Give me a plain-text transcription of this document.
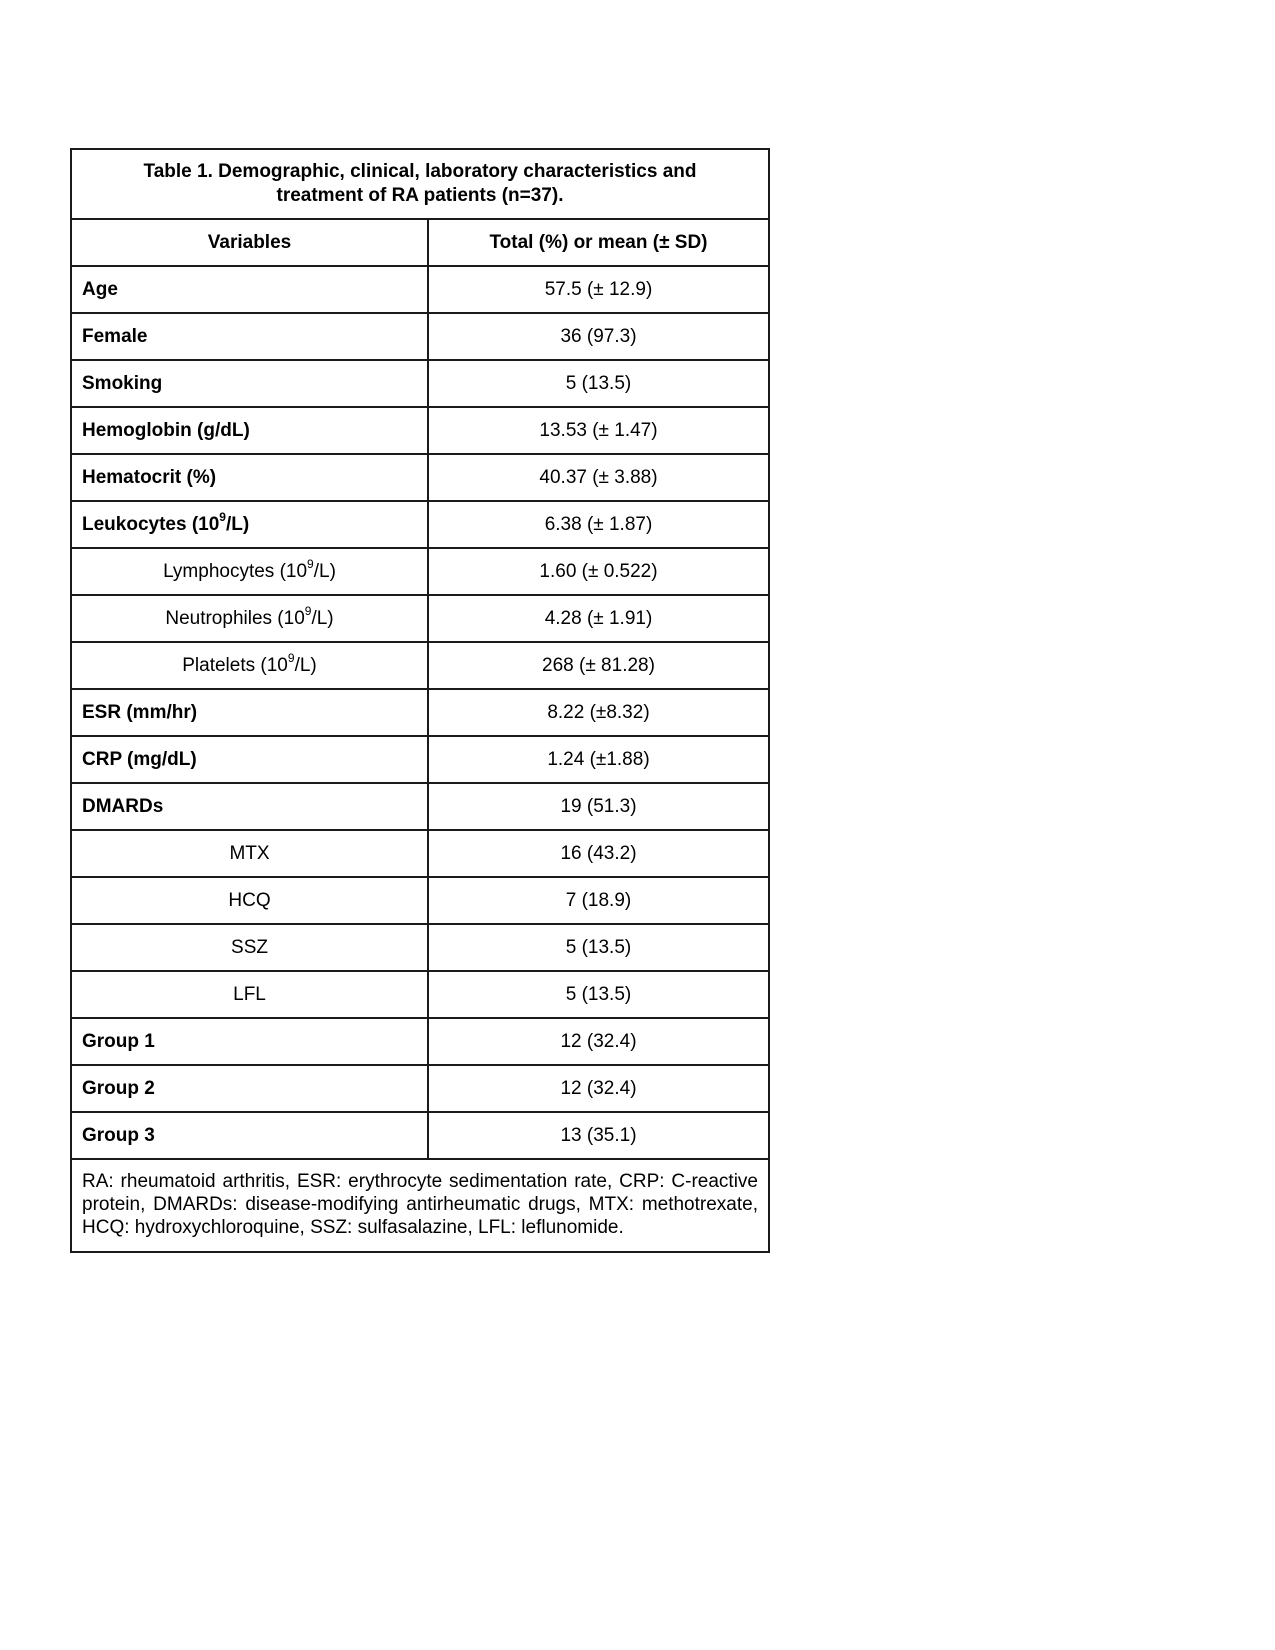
Table 1. Demographic, clinical, laboratory characteristics and treatment of RA patients (n=37).	
Variables	Total (%) or mean (± SD)
Age	57.5 (± 12.9)
Female	36 (97.3)
Smoking	5 (13.5)
Hemoglobin (g/dL)	13.53 (± 1.47)
Hematocrit (%)	40.37 (± 3.88)
Leukocytes $(10^9/L)$	6.38 (± 1.87)
Lymphocytes $(10^9/L)$	1.60 (± 0.522)
Neutrophiles $(10^9/L)$	4.28 (± 1.91)
Platelets $(10^9/L)$	268 (± 81.28)
ESR (mm/hr)	8.22 (±8.32)
CRP (mg/dL)	1.24 (±1.88)
DMARDs	19 (51.3)
MTX	16 (43.2)
HCQ	7 (18.9)
SSZ	5 (13.5)
LFL	5 (13.5)
Group 1	12 (32.4)
Group 2	12 (32.4)
Group 3	13 (35.1)
RA: rheumatoid arthritis, ESR: erythrocyte sedimentation rate, CRP: C-reactive protein, DMARDs: disease-modifying antirheumatic drugs, MTX: methotrexate, HCQ: hydroxychloroquine, SSZ: sulfasalazine, LFL: leflunomide.	
